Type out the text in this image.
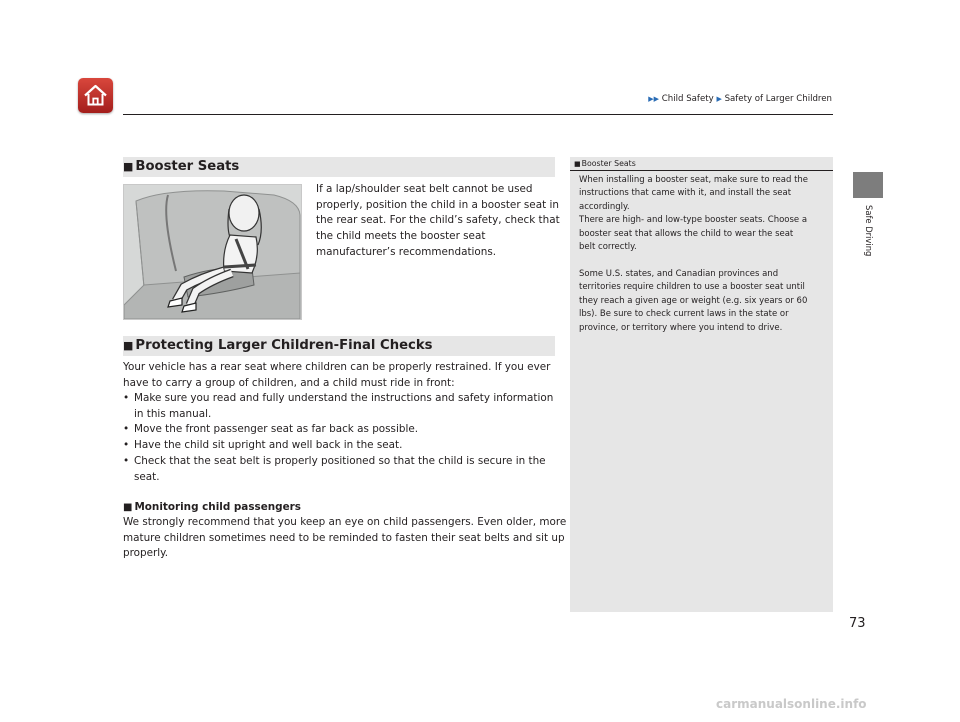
▶▶ Child Safety ▶ Safety of Larger Children
Safe Driving
■ Booster Seats
If a lap/shoulder seat belt cannot be used
properly, position the child in a booster seat in
the rear seat. For the child’s safety, check that
the child meets the booster seat
manufacturer’s recommendations.
■ Protecting Larger Children-Final Checks
Your vehicle has a rear seat where children can be properly restrained. If you ever
have to carry a group of children, and a child must ride in front:
• Make sure you read and fully understand the instructions and safety information
in this manual.
• Move the front passenger seat as far back as possible.
• Have the child sit upright and well back in the seat.
• Check that the seat belt is properly positioned so that the child is secure in the
seat.
■ Monitoring child passengers
We strongly recommend that you keep an eye on child passengers. Even older, more
mature children sometimes need to be reminded to fasten their seat belts and sit up
properly.
■Booster Seats
When installing a booster seat, make sure to read the
instructions that came with it, and install the seat
accordingly.
There are high- and low-type booster seats. Choose a
booster seat that allows the child to wear the seat
belt correctly.
Some U.S. states, and Canadian provinces and
territories require children to use a booster seat until
they reach a given age or weight (e.g. six years or 60
lbs). Be sure to check current laws in the state or
province, or territory where you intend to drive.
73
carmanualsonline.info
